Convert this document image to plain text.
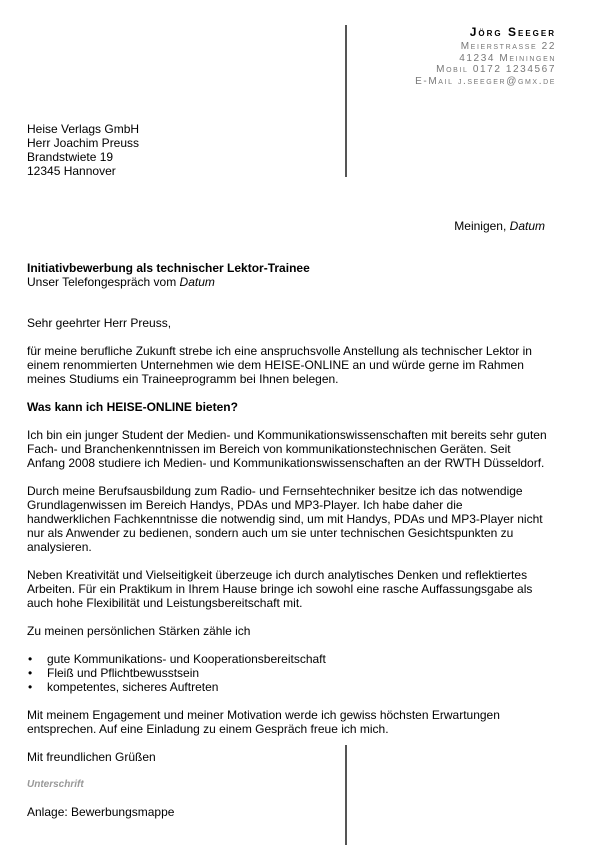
Jörg Seeger
Meierstrasse 22
41234 Meiningen
Mobil 0172 1234567
E-Mail j.seeger@gmx.de
Heise Verlags GmbH
Herr Joachim Preuss
Brandstwiete 19
12345 Hannover
Meinigen, Datum
Initiativbewerbung als technischer Lektor-Trainee
Unser Telefongespräch vom Datum

Sehr geehrter Herr Preuss,

für meine berufliche Zukunft strebe ich eine anspruchsvolle Anstellung als technischer Lektor in einem renommierten Unternehmen wie dem HEISE-ONLINE an und würde gerne im Rahmen meines Studiums ein Traineeprogramm bei Ihnen belegen.

Was kann ich HEISE-ONLINE bieten?

Ich bin ein junger Student der Medien- und Kommunikationswissenschaften mit bereits sehr guten Fach- und Branchenkenntnissen im Bereich von kommunikationstechnischen Geräten. Seit Anfang 2008 studiere ich Medien- und Kommunikationswissenschaften an der RWTH Düsseldorf.

Durch meine Berufsausbildung zum Radio- und Fernsehtechniker besitze ich das notwendige Grundlagenwissen im Bereich Handys, PDAs und MP3-Player. Ich habe daher die handwerklichen Fachkenntnisse die notwendig sind, um mit Handys, PDAs und MP3-Player nicht nur als Anwender zu bedienen, sondern auch um sie unter technischen Gesichtspunkten zu analysieren.

Neben Kreativität und Vielseitigkeit überzeuge ich durch analytisches Denken und reflektiertes Arbeiten. Für ein Praktikum in Ihrem Hause bringe ich sowohl eine rasche Auffassungsgabe als auch hohe Flexibilität und Leistungsbereitschaft mit.

Zu meinen persönlichen Stärken zähle ich

• gute Kommunikations- und Kooperationsbereitschaft
• Fleiß und Pflichtbewusstsein
• kompetentes, sicheres Auftreten

Mit meinem Engagement und meiner Motivation werde ich gewiss höchsten Erwartungen entsprechen. Auf eine Einladung zu einem Gespräch freue ich mich.

Mit freundlichen Grüßen

Unterschrift

Anlage: Bewerbungsmappe
